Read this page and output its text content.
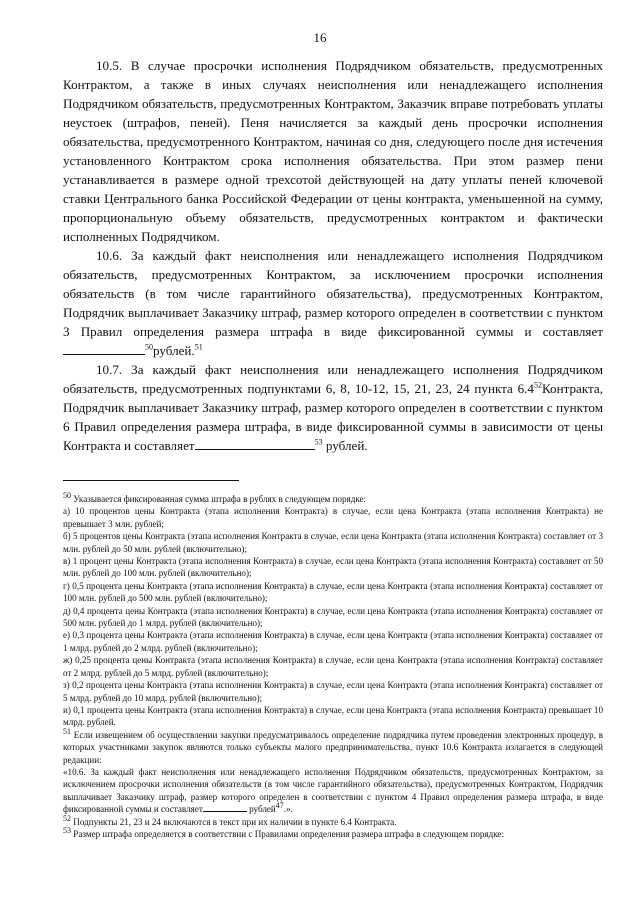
16

10.5. В случае просрочки исполнения Подрядчиком обязательств, предусмотренных Контрактом, а также в иных случаях неисполнения или ненадлежащего исполнения Подрядчиком обязательств, предусмотренных Контрактом, Заказчик вправе потребовать уплаты неустоек (штрафов, пеней). Пеня начисляется за каждый день просрочки исполнения обязательства, предусмотренного Контрактом, начиная со дня, следующего после дня истечения установленного Контрактом срока исполнения обязательства. При этом размер пени устанавливается в размере одной трехсотой действующей на дату уплаты пеней ключевой ставки Центрального банка Российской Федерации от цены контракта, уменьшенной на сумму, пропорциональную объему обязательств, предусмотренных контрактом и фактически исполненных Подрядчиком.

10.6. За каждый факт неисполнения или ненадлежащего исполнения Подрядчиком обязательств, предусмотренных Контрактом, за исключением просрочки исполнения обязательств (в том числе гарантийного обязательства), предусмотренных Контрактом, Подрядчик выплачивает Заказчику штраф, размер которого определен в соответствии с пунктом 3 Правил определения размера штрафа в виде фиксированной суммы и составляет $^{50}$рублей.$^{51}$

10.7. За каждый факт неисполнения или ненадлежащего исполнения Подрядчиком обязательств, предусмотренных подпунктами 6, 8, 10-12, 15, 21, 23, 24 пункта $6.4^{52}Контракта$, Подрядчик выплачивает Заказчику штраф, размер которого определен в соответствии с пунктом 6 Правил определения размера штрафа, в виде фиксированной суммы в зависимости от цены Контракта и составляет	$^{53}$ рублей.

$^{50}$ Указывается фиксированная сумма штрафа в рублях в следующем порядке:

а) 10 процентов цены Контракта (этапа исполнения Контракта) в случае, если цена Контракта (этапа исполнения Контракта) не превышает 3 млн. рублей;

б) 5 процентов цены Контракта (этапа исполнения Контракта в случае, если цена Контракта (этапа исполнения Контракта) составляет от 3 млн. рублей до 50 млн. рублей (включительно);

в) 1 процент цены Контракта (этапа исполнения Контракта) в случае, если цена Контракта (этапа исполнения Контракта) составляет от 50 млн. рублей до 100 млн. рублей (включительно);

г) 0,5 процента цены Контракта (этапа исполнения Контракта) в случае, если цена Контракта (этапа исполнения Контракта) составляет от 100 млн. рублей до 500 млн. рублей (включительно);

д) 0,4 процента цены Контракта (этапа исполнения Контракта) в случае, если цена Контракта (этапа исполнения Контракта) составляет от 500 млн. рублей до 1 млрд. рублей (включительно);

е) 0,3 процента цены Контракта (этапа исполнения Контракта) в случае, если цена Контракта (этапа исполнения Контракта) составляет от 1 млрд. рублей до 2 млрд. рублей (включительно);

ж) 0,25 процента цены Контракта (этапа исполнения Контракта) в случае, если цена Контракта (этапа исполнения Контракта) составляет от 2 млрд. рублей до 5 млрд. рублей (включительно);

з) 0,2 процента цены Контракта (этапа исполнения Контракта) в случае, если цена Контракта (этапа исполнения Контракта) составляет от 5 млрд. рублей до 10 млрд. рублей (включительно);

и) 0,1 процента цены Контракта (этапа исполнения Контракта) в случае, если цена Контракта (этапа исполнения Контракта) превышает 10 млрд. рублей.

$^{51}$ Если извещением об осуществлении закупки предусматривалось определение подрядчика путем проведения электронных процедур, в которых участниками закупок являются только субъекты малого предпринимательства, пункт 10.6 Контракта излагается в следующей редакции:

«10.6. За каждый факт неисполнения или ненадлежащего исполнения Подрядчиком обязательств, предусмотренных Контрактом, за исключением просрочки исполнения обязательств (в том числе гарантийного обязательства), предусмотренных Контрактом, Подрядчик выплачивает Заказчику штраф, размер которого определен в соответствии с пунктом 4 Правил определения размера штрафа, в виде фиксированной суммы и составляет	рублей$^{47}$.».

$^{52}$ Подпункты 21, 23 и 24 включаются в текст при их наличии в пункте 6.4 Контракта.

$^{53}$ Размер штрафа определяется в соответствии с Правилами определения размера штрафа в следующем порядке:
